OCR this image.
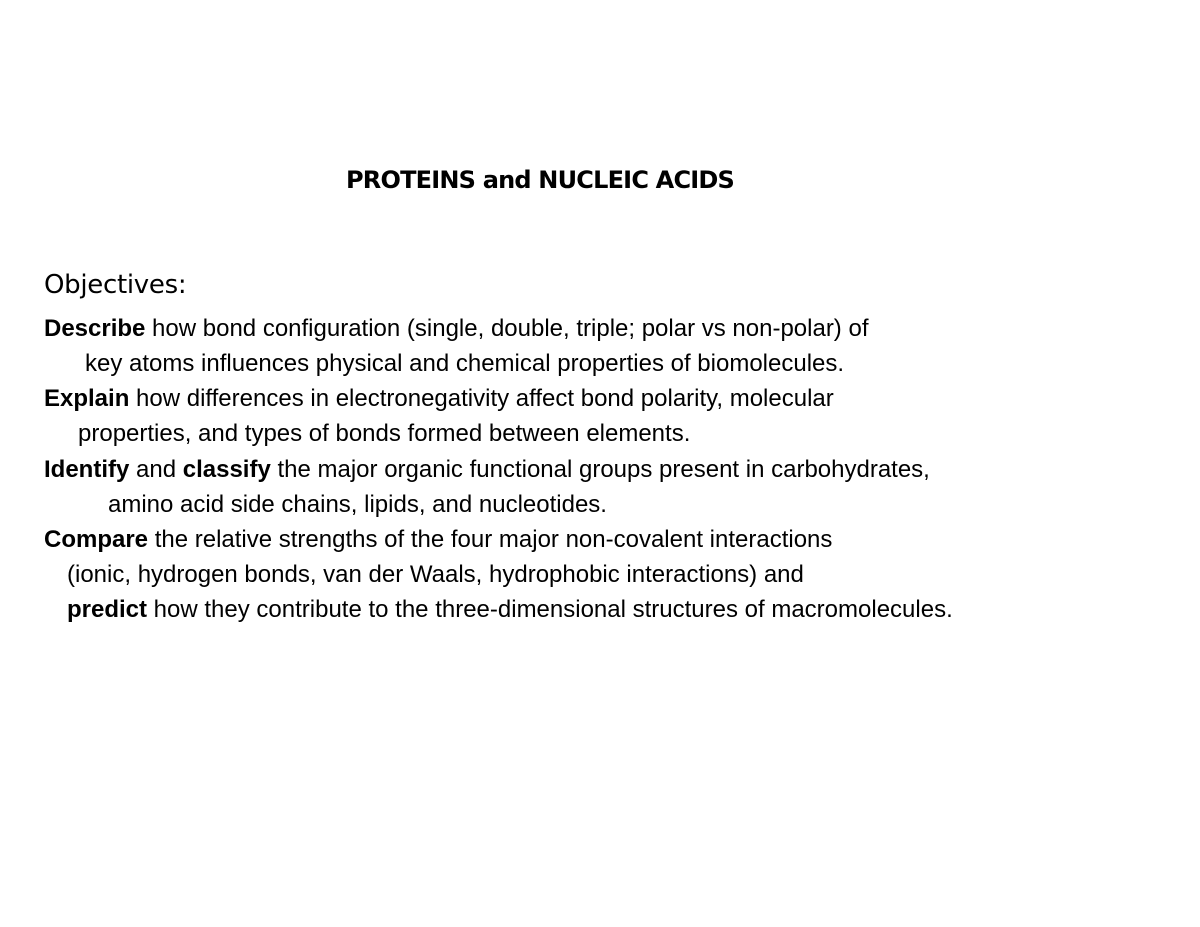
PROTEINS and NUCLEIC ACIDS
Objectives:
Describe how bond configuration (single, double, triple; polar vs non-polar) of
key atoms influences physical and chemical properties of biomolecules.
Explain how differences in electronegativity affect bond polarity, molecular
properties, and types of bonds formed between elements.
Identify and classify the major organic functional groups present in carbohydrates,
amino acid side chains, lipids, and nucleotides.
Compare the relative strengths of the four major non-covalent interactions
(ionic, hydrogen bonds, van der Waals, hydrophobic interactions) and
predict how they contribute to the three-dimensional structures of macromolecules.
